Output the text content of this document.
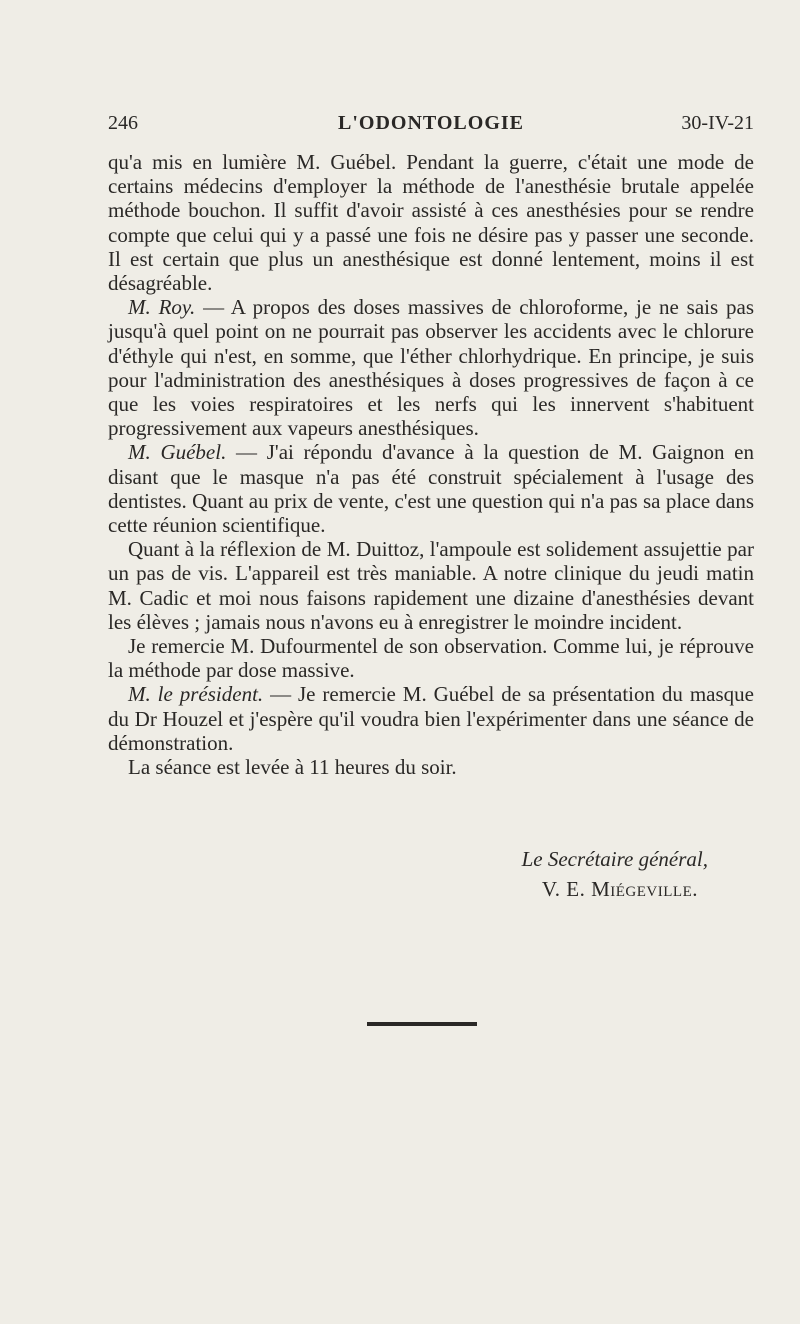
246	L'ODONTOLOGIE	30-IV-21

qu'a mis en lumière M. Guébel. Pendant la guerre, c'était une mode de certains médecins d'employer la méthode de l'anesthésie brutale appelée méthode bouchon. Il suffit d'avoir assisté à ces anesthésies pour se rendre compte que celui qui y a passé une fois ne désire pas y passer une seconde. Il est certain que plus un anesthésique est donné lentement, moins il est désagréable.

M. Roy. — A propos des doses massives de chloroforme, je ne sais pas jusqu'à quel point on ne pourrait pas observer les accidents avec le chlorure d'éthyle qui n'est, en somme, que l'éther chlorhydrique. En principe, je suis pour l'administration des anesthésiques à doses progressives de façon à ce que les voies respiratoires et les nerfs qui les innervent s'habituent progressivement aux vapeurs anesthésiques.

M. Guébel. — J'ai répondu d'avance à la question de M. Gaignon en disant que le masque n'a pas été construit spécialement à l'usage des dentistes. Quant au prix de vente, c'est une question qui n'a pas sa place dans cette réunion scientifique.

Quant à la réflexion de M. Duittoz, l'ampoule est solidement assujettie par un pas de vis. L'appareil est très maniable. A notre clinique du jeudi matin M. Cadic et moi nous faisons rapidement une dizaine d'anesthésies devant les élèves ; jamais nous n'avons eu à enregistrer le moindre incident.

Je remercie M. Dufourmentel de son observation. Comme lui, je réprouve la méthode par dose massive.

M. le président. — Je remercie M. Guébel de sa présentation du masque du Dr Houzel et j'espère qu'il voudra bien l'expérimenter dans une séance de démonstration.

La séance est levée à 11 heures du soir.

Le Secrétaire général,
V. E. Miégeville.
